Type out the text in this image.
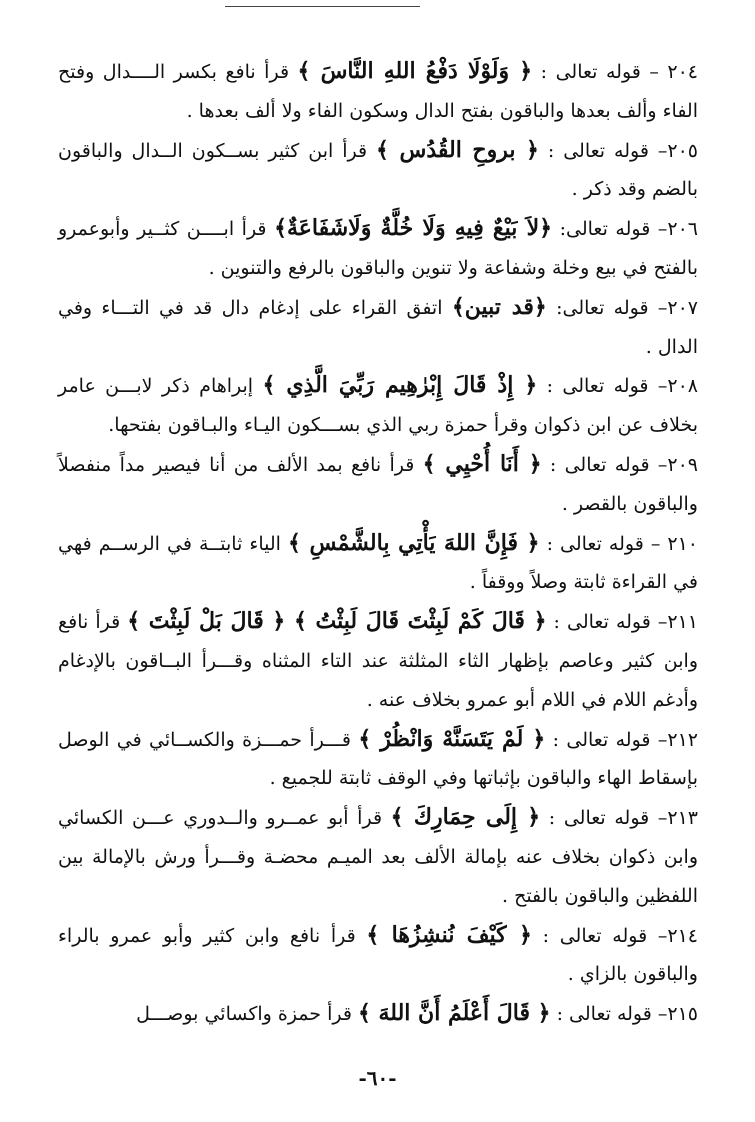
٢٠٤ – قوله تعالى : ﴿ وَلَوْلَا دَفْعُ اللهِ النَّاسَ ﴾ قرأ نافع بكسر الــــدال وفتح الفاء وألف بعدها والباقون بفتح الدال وسكون الفاء ولا ألف بعدها .

٢٠٥– قوله تعالى : ﴿ بروحِ القُدُس ﴾ قرأ ابن كثير بســكون الــدال والباقون بالضم وقد ذكر .

٢٠٦– قوله تعالى: ﴿لاَ بَيْعٌ فِيهِ وَلَا خُلَّةٌ وَلَاشَفَاعَةٌ﴾ قرأ ابــــن كثــير وأبوعمرو بالفتح في بيع وخلة وشفاعة ولا تنوين والباقون بالرفع والتنوين .

٢٠٧– قوله تعالى: ﴿قد تبين﴾ اتفق القراء على إدغام دال قد في التـــاء وفي الدال .

٢٠٨– قوله تعالى : ﴿ إِذْ قَالَ إِبْرٰهِيم رَبِّيَ الَّذِي ﴾ إبراهام ذكر لابـــن عامر بخلاف عن ابن ذكوان وقرأ حمزة ربي الذي بســـكون اليـاء والبـاقون بفتحها.

٢٠٩– قوله تعالى : ﴿ أَنَا أُحْيِي ﴾ قرأ نافع بمد الألف من أنا فيصير مداً منفصلاً والباقون بالقصر .

٢١٠ – قوله تعالى : ﴿ فَإِنَّ اللهَ يَأْتِي بِالشَّمْسِ ﴾ الياء ثابتــة في الرســم فهي في القراءة ثابتة وصلاً ووقفاً .

٢١١– قوله تعالى : ﴿ قَالَ كَمْ لَبِثْتَ قَالَ لَبِثْتُ ﴾ ﴿ قَالَ بَلْ لَبِثْتَ ﴾ قرأ نافع وابن كثير وعاصم بإظهار الثاء المثلثة عند التاء المثناه وقـــرأ البــاقون بالإدغام وأدغم اللام في اللام أبو عمرو بخلاف عنه .

٢١٢– قوله تعالى : ﴿ لَمْ يَتَسَنَّهْ وَانْظُرْ ﴾ قـــرأ حمـــزة والكســائي في الوصل بإسقاط الهاء والباقون بإثباتها وفي الوقف ثابتة للجميع .

٢١٣– قوله تعالى : ﴿ إِلَى حِمَارِكَ ﴾ قرأ أبو عمــرو والــدوري عـــن الكسائي وابن ذكوان بخلاف عنه بإمالة الألف بعد الميـم محضـة وقـــرأ ورش بالإمالة بين اللفظين والباقون بالفتح .

٢١٤– قوله تعالى : ﴿ كَيْفَ نُنشِزُهَا ﴾ قرأ نافع وابن كثير وأبو عمرو بالراء والباقون بالزاي .

٢١٥– قوله تعالى : ﴿ قَالَ أَعْلَمُ أَنَّ اللهَ ﴾ قرأ حمزة واكسائي بوصـــل

-٦٠-
